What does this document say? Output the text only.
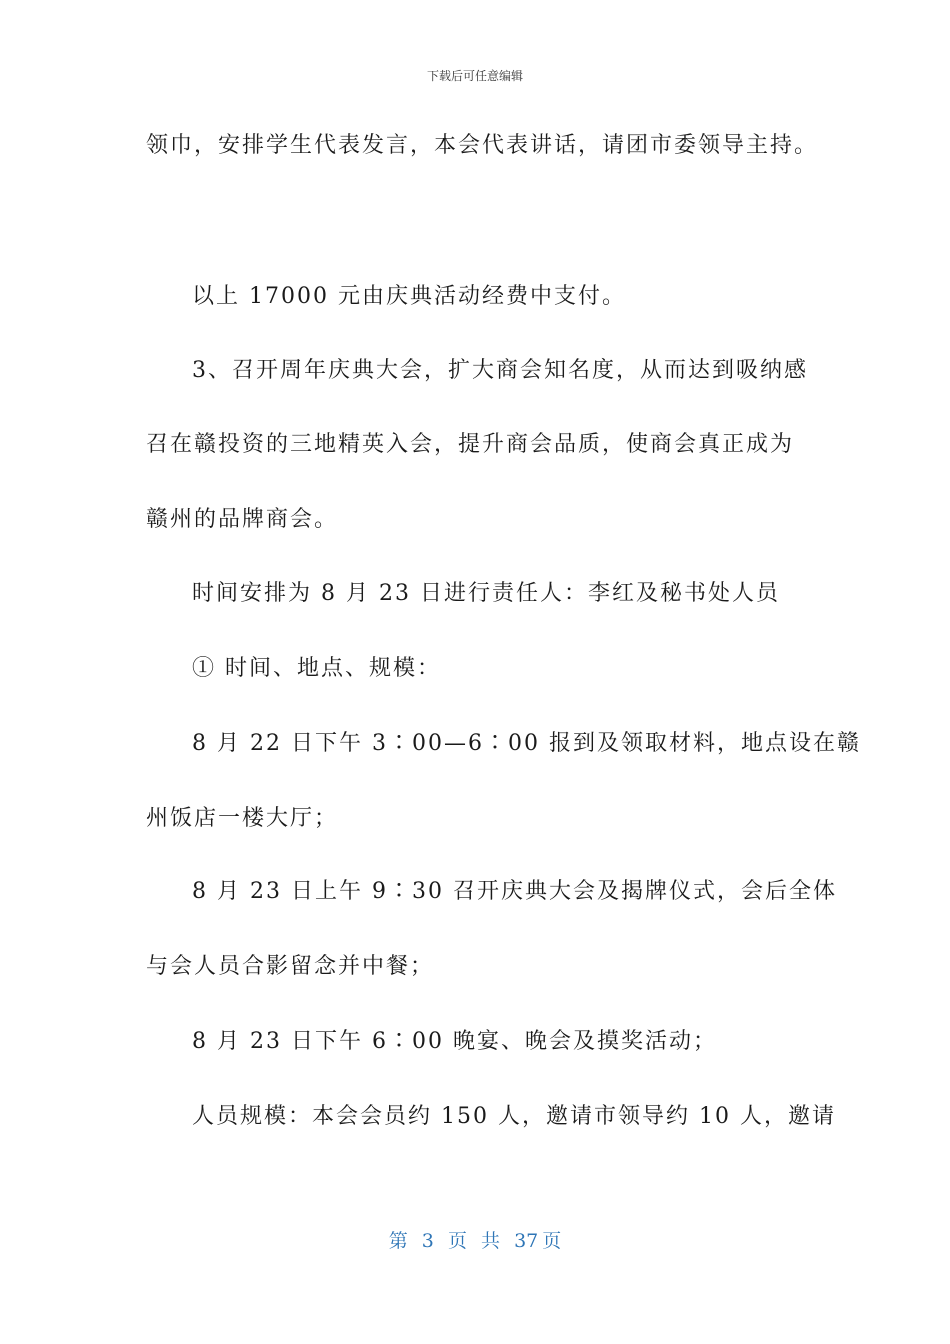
下载后可任意编辑
领巾，安排学生代表发言，本会代表讲话，请团市委领导主持。
以上 17000 元由庆典活动经费中支付。
3、召开周年庆典大会，扩大商会知名度，从而达到吸纳感
召在赣投资的三地精英入会，提升商会品质，使商会真正成为
赣州的品牌商会。
时间安排为 8 月 23 日进行责任人：李红及秘书处人员
① 时间、地点、规模：
8 月 22 日下午 3∶00—6∶00 报到及领取材料，地点设在赣
州饭店一楼大厅；
8 月 23 日上午 9∶30 召开庆典大会及揭牌仪式，会后全体
与会人员合影留念并中餐；
8 月 23 日下午 6∶00 晚宴、晚会及摸奖活动；
人员规模：本会会员约 150 人，邀请市领导约 10 人，邀请
第 3 页 共 37 页
